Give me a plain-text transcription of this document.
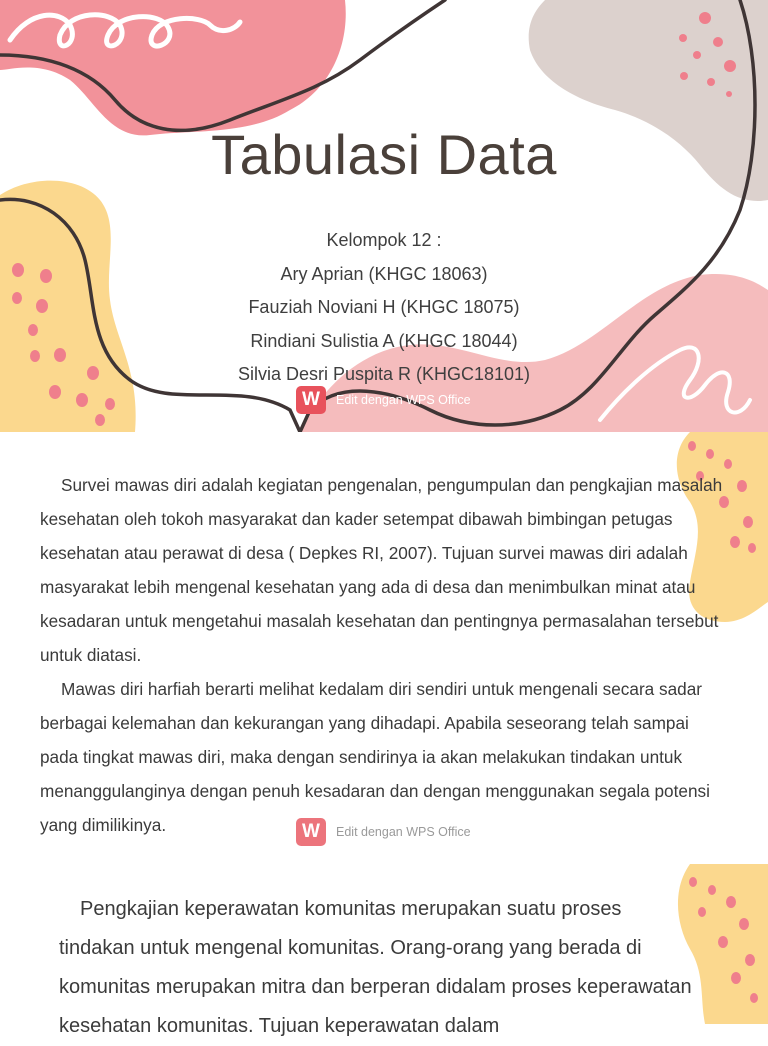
Tabulasi Data
Kelompok 12 :
Ary Aprian (KHGC 18063)
Fauziah Noviani H (KHGC 18075)
Rindiani Sulistia A (KHGC 18044)
Silvia Desri Puspita R (KHGC18101)
W	Edit dengan WPS Office

Survei mawas diri adalah kegiatan pengenalan, pengumpulan dan pengkajian masalah kesehatan oleh tokoh masyarakat dan kader setempat dibawah bimbingan petugas kesehatan atau perawat di desa ( Depkes RI, 2007). Tujuan survei mawas diri adalah masyarakat lebih mengenal kesehatan yang ada di desa dan menimbulkan minat atau kesadaran untuk mengetahui masalah kesehatan dan pentingnya permasalahan tersebut untuk diatasi.

Mawas diri harfiah berarti melihat kedalam diri sendiri untuk mengenali secara sadar berbagai kelemahan dan kekurangan yang dihadapi. Apabila seseorang telah sampai pada tingkat mawas diri, maka dengan sendirinya ia akan melakukan tindakan untuk menanggulanginya dengan penuh kesadaran dan dengan menggunakan segala potensi yang dimilikinya.	W	Edit dengan WPS Office

Pengkajian keperawatan komunitas merupakan suatu proses tindakan untuk mengenal komunitas. Orang-orang yang berada di komunitas merupakan mitra dan berperan didalam proses keperawatan kesehatan komunitas. Tujuan keperawatan dalam
